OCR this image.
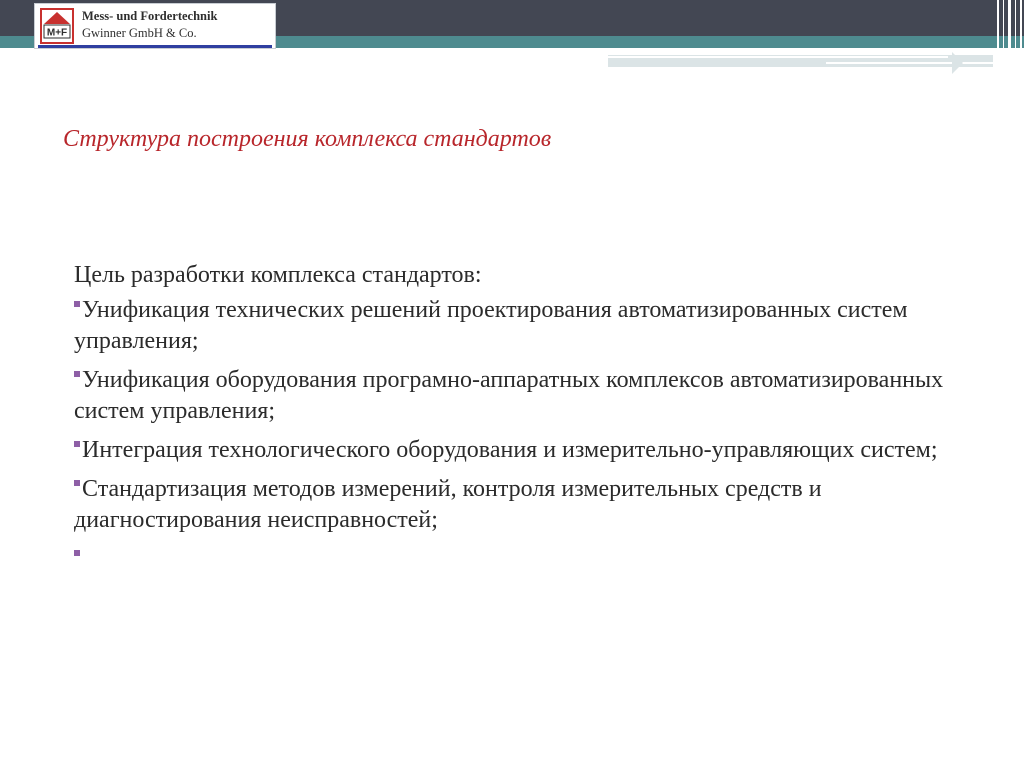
M+F
Mess- und Fordertechnik
Gwinner GmbH & Co.
Структура построения комплекса стандартов
Цель разработки комплекса стандартов:
Унификация технических решений проектирования автоматизированных систем управления;
Унификация оборудования програмно-аппаратных комплексов автоматизированных систем управления;
Интеграция технологического оборудования и измерительно-управляющих систем;
Стандартизация методов измерений, контроля измерительных средств и диагностирования неисправностей;
